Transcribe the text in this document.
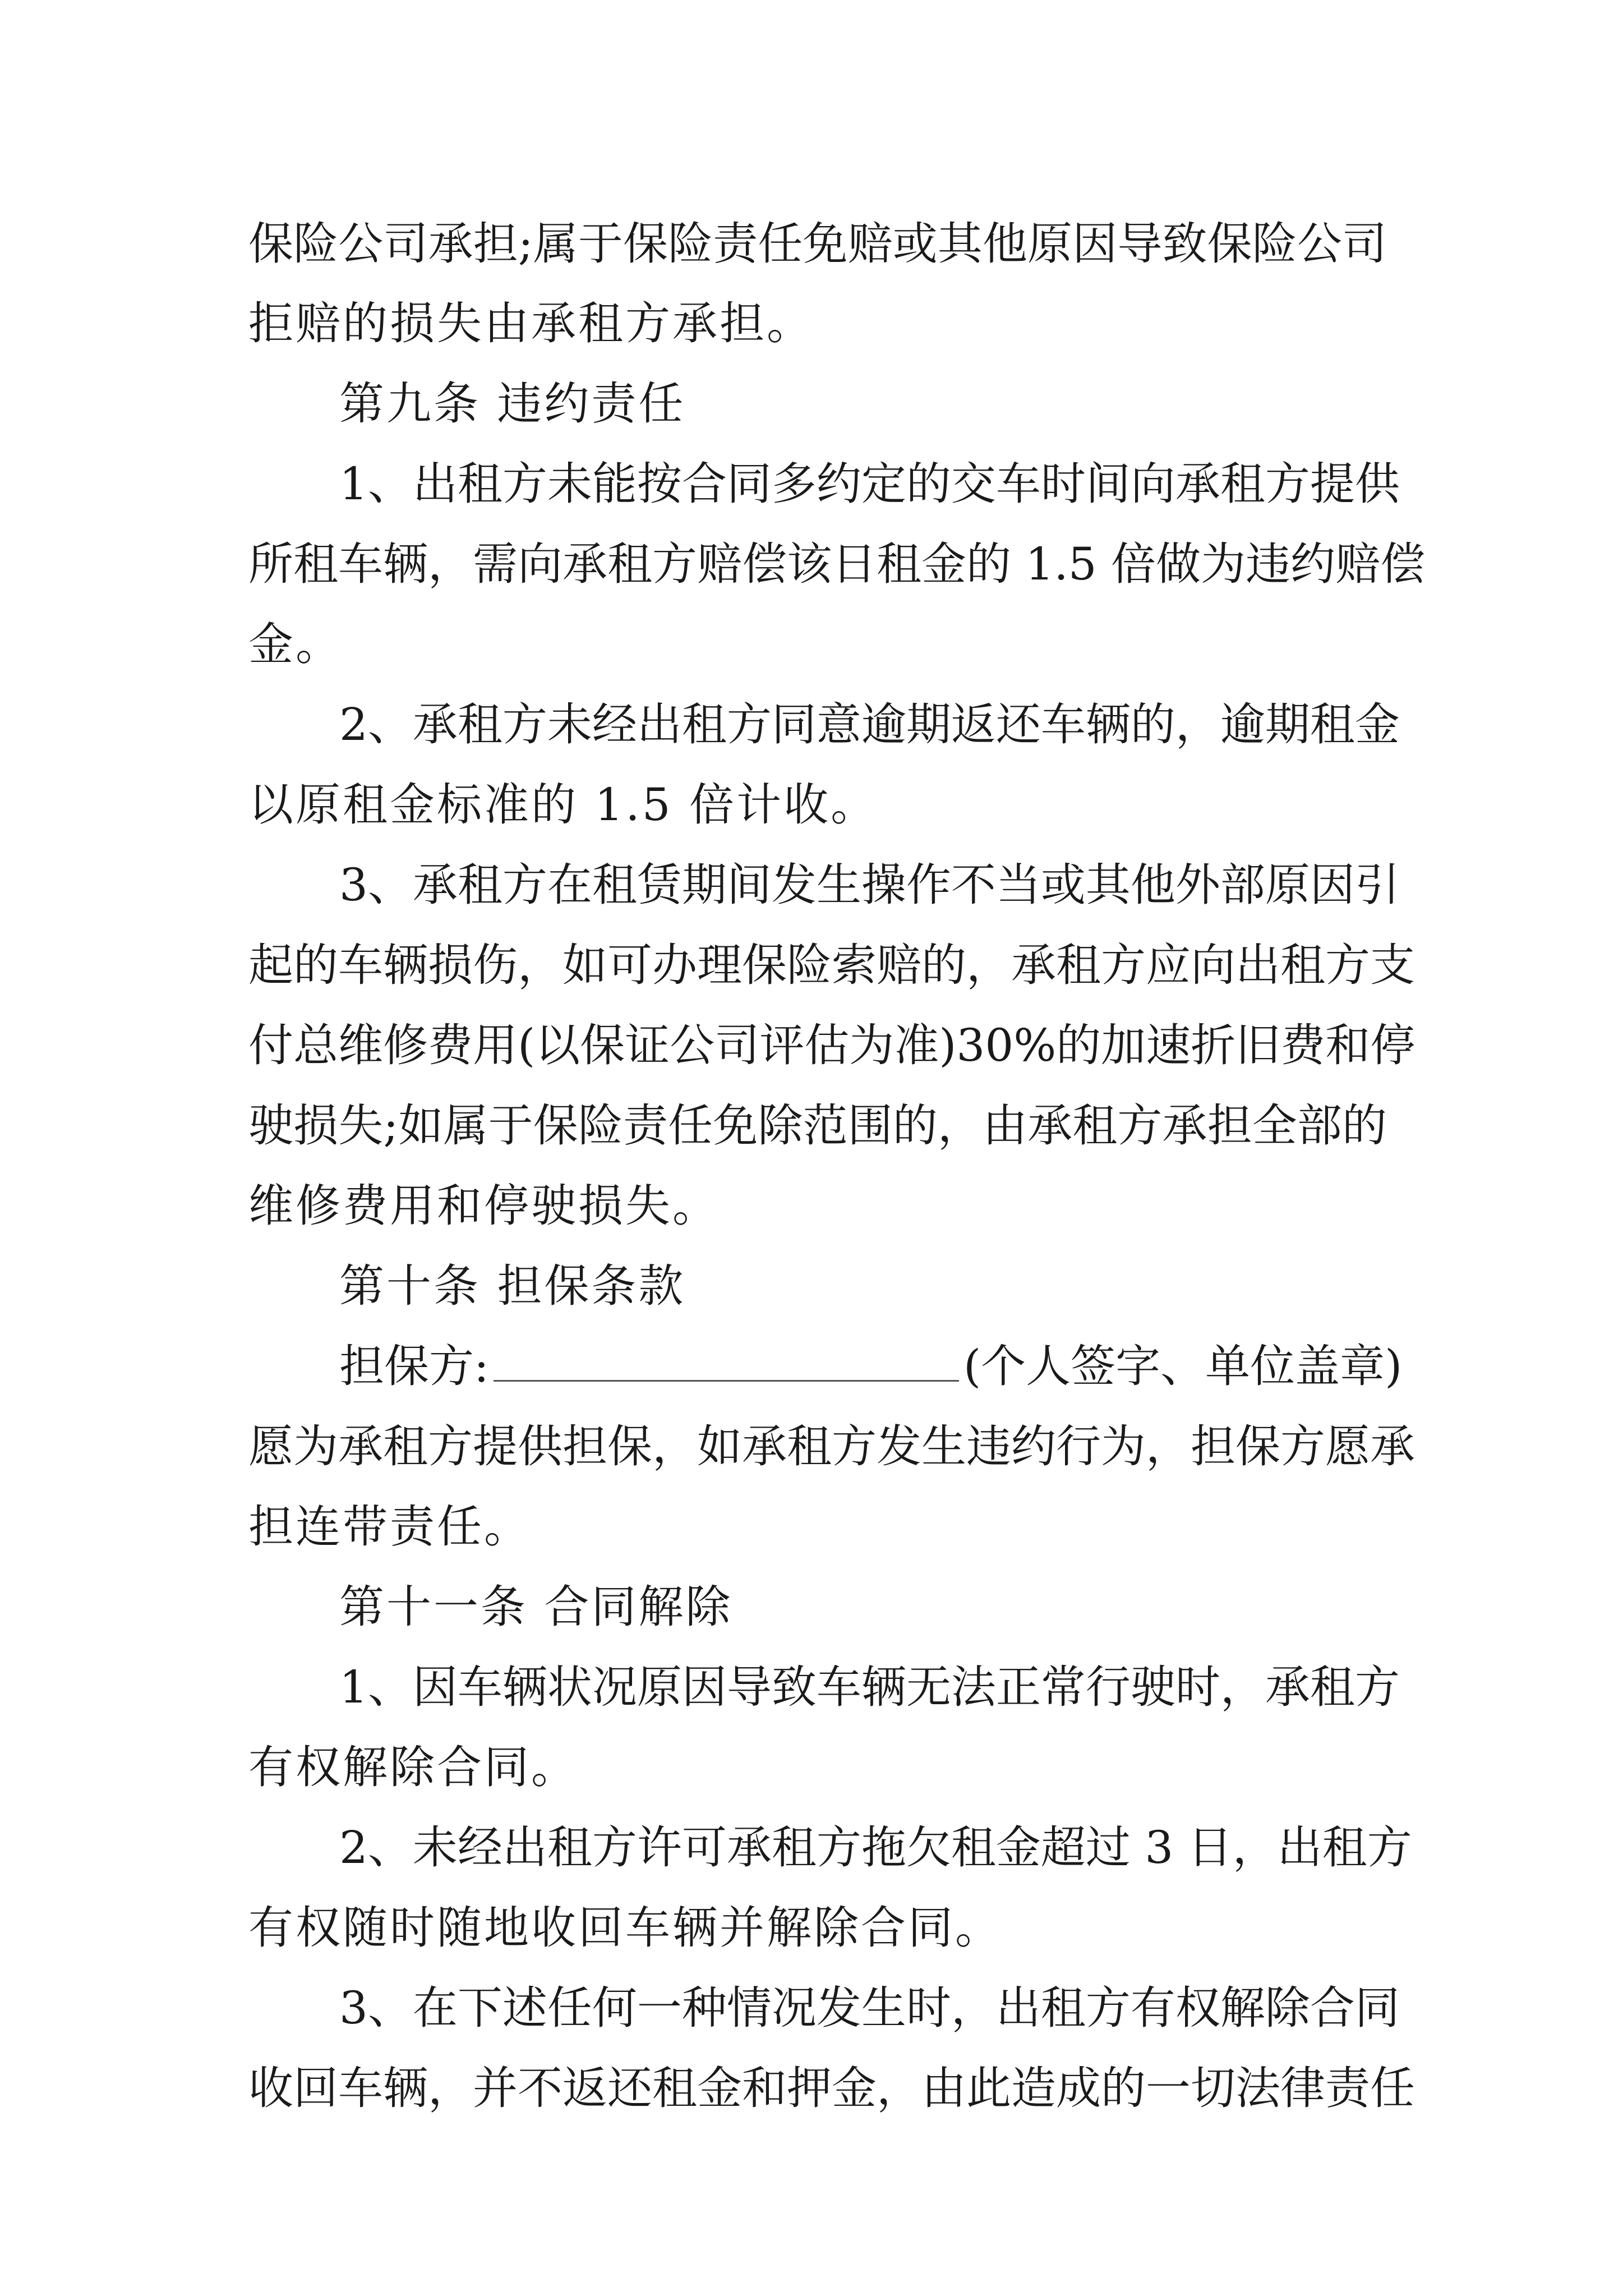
保险公司承担;属于保险责任免赔或其他原因导致保险公司
拒赔的损失由承租方承担。
第九条 违约责任
1、出租方未能按合同多约定的交车时间向承租方提供
所租车辆，需向承租方赔偿该日租金的 1.5 倍做为违约赔偿
金。
2、承租方未经出租方同意逾期返还车辆的，逾期租金
以原租金标准的 1.5 倍计收。
3、承租方在租赁期间发生操作不当或其他外部原因引
起的车辆损伤，如可办理保险索赔的，承租方应向出租方支
付总维修费用(以保证公司评估为准)30%的加速折旧费和停
驶损失;如属于保险责任免除范围的，由承租方承担全部的
维修费用和停驶损失。
第十条 担保条款
担保方:	(个人签字、单位盖章)
愿为承租方提供担保，如承租方发生违约行为，担保方愿承
担连带责任。
第十一条 合同解除
1、因车辆状况原因导致车辆无法正常行驶时，承租方
有权解除合同。
2、未经出租方许可承租方拖欠租金超过 3 日，出租方
有权随时随地收回车辆并解除合同。
3、在下述任何一种情况发生时，出租方有权解除合同
收回车辆，并不返还租金和押金，由此造成的一切法律责任
